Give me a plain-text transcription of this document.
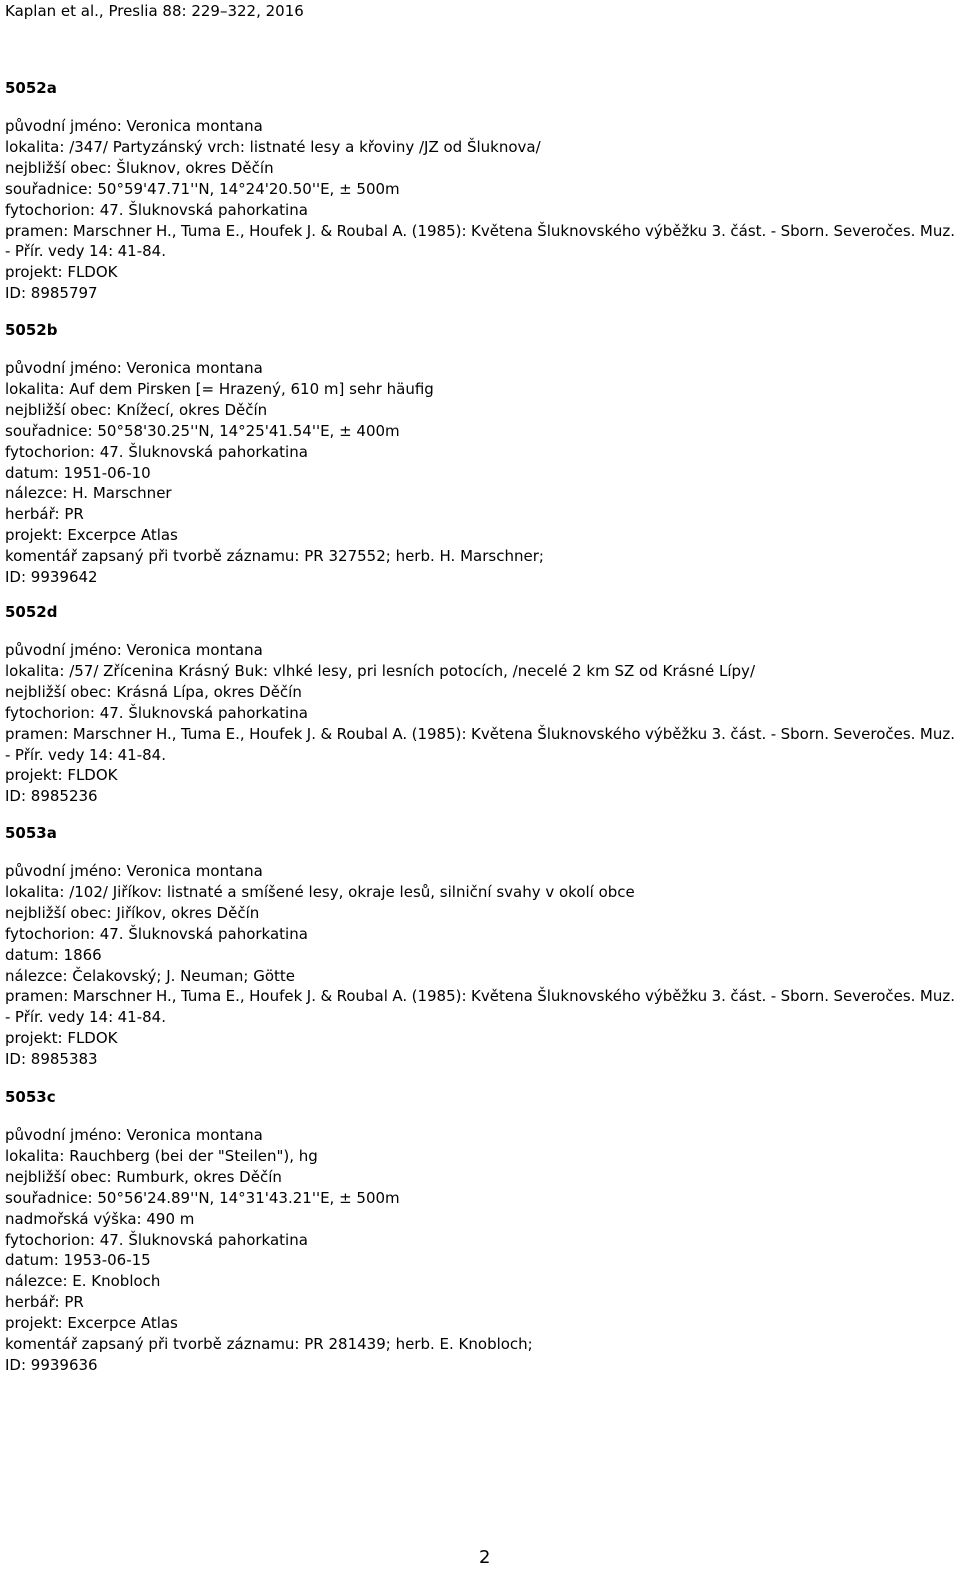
Kaplan et al., Preslia 88: 229–322, 2016
5052a
původní jméno: Veronica montana
lokalita: /347/ Partyzánský vrch: listnaté lesy a křoviny /JZ od Šluknova/
nejbližší obec: Šluknov, okres Děčín
souřadnice: 50°59'47.71''N, 14°24'20.50''E, ± 500m
fytochorion: 47. Šluknovská pahorkatina
pramen: Marschner H., Tuma E., Houfek J. & Roubal A. (1985): Květena Šluknovského výběžku 3. část. - Sborn. Severočes. Muz. - Přír. vedy 14: 41-84.
projekt: FLDOK
ID: 8985797
5052b
původní jméno: Veronica montana
lokalita: Auf dem Pirsken [= Hrazený, 610 m] sehr häufig
nejbližší obec: Knížecí, okres Děčín
souřadnice: 50°58'30.25''N, 14°25'41.54''E, ± 400m
fytochorion: 47. Šluknovská pahorkatina
datum: 1951-06-10
nálezce: H. Marschner
herbář: PR
projekt: Excerpce Atlas
komentář zapsaný při tvorbě záznamu: PR 327552; herb. H. Marschner;
ID: 9939642
5052d
původní jméno: Veronica montana
lokalita: /57/ Zřícenina Krásný Buk: vlhké lesy, pri lesních potocích, /necelé 2 km SZ od Krásné Lípy/
nejbližší obec: Krásná Lípa, okres Děčín
fytochorion: 47. Šluknovská pahorkatina
pramen: Marschner H., Tuma E., Houfek J. & Roubal A. (1985): Květena Šluknovského výběžku 3. část. - Sborn. Severočes. Muz. - Přír. vedy 14: 41-84.
projekt: FLDOK
ID: 8985236
5053a
původní jméno: Veronica montana
lokalita: /102/ Jiříkov: listnaté a smíšené lesy, okraje lesů, silniční svahy v okolí obce
nejbližší obec: Jiříkov, okres Děčín
fytochorion: 47. Šluknovská pahorkatina
datum: 1866
nálezce: Čelakovský; J. Neuman; Götte
pramen: Marschner H., Tuma E., Houfek J. & Roubal A. (1985): Květena Šluknovského výběžku 3. část. - Sborn. Severočes. Muz. - Přír. vedy 14: 41-84.
projekt: FLDOK
ID: 8985383
5053c
původní jméno: Veronica montana
lokalita: Rauchberg (bei der "Steilen"), hg
nejbližší obec: Rumburk, okres Děčín
souřadnice: 50°56'24.89''N, 14°31'43.21''E, ± 500m
nadmořská výška: 490 m
fytochorion: 47. Šluknovská pahorkatina
datum: 1953-06-15
nálezce: E. Knobloch
herbář: PR
projekt: Excerpce Atlas
komentář zapsaný při tvorbě záznamu: PR 281439; herb. E. Knobloch;
ID: 9939636
2
